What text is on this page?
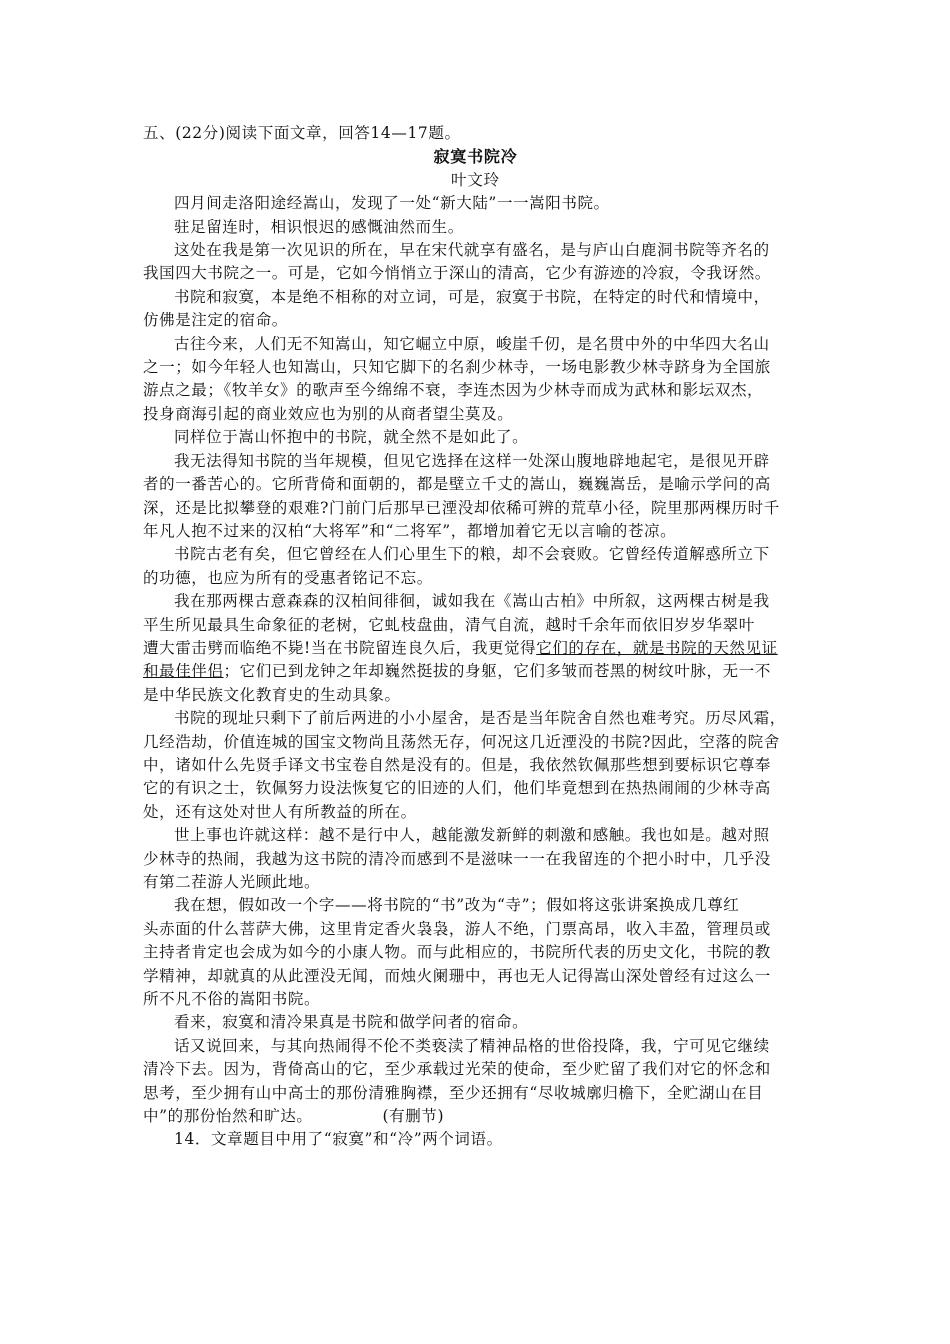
五、(22分)阅读下面文章，回答14—17题。
寂寞书院冷
叶文玲
四月间走洛阳途经嵩山，发现了一处“新大陆”一一嵩阳书院。
驻足留连时，相识恨迟的感慨油然而生。
这处在我是第一次见识的所在，早在宋代就享有盛名，是与庐山白鹿洞书院等齐名的
我国四大书院之一。可是，它如今悄悄立于深山的清高，它少有游迹的冷寂，令我讶然。
书院和寂寞，本是绝不相称的对立词，可是，寂寞于书院，在特定的时代和情境中，
仿佛是注定的宿命。
古往今来，人们无不知嵩山，知它崛立中原，峻崖千仞，是名贯中外的中华四大名山
之一；如今年轻人也知嵩山，只知它脚下的名刹少林寺，一场电影教少林寺跻身为全国旅
游点之最；《牧羊女》的歌声至今绵绵不衰，李连杰因为少林寺而成为武林和影坛双杰，
投身商海引起的商业效应也为别的从商者望尘莫及。
同样位于嵩山怀抱中的书院，就全然不是如此了。
我无法得知书院的当年规模，但见它选择在这样一处深山腹地辟地起宅，是很见开辟
者的一番苦心的。它所背倚和面朝的，都是壁立千丈的嵩山，巍巍嵩岳，是喻示学问的高
深，还是比拟攀登的艰难?门前门后那早已湮没却依稀可辨的荒草小径，院里那两棵历时千
年凡人抱不过来的汉柏“大将军”和“二将军”，都增加着它无以言喻的苍凉。
书院古老有矣，但它曾经在人们心里生下的粮，却不会衰败。它曾经传道解惑所立下
的功德，也应为所有的受惠者铭记不忘。
我在那两棵古意森森的汉柏间徘徊，诚如我在《嵩山古柏》中所叙，这两棵古树是我
平生所见最具生命象征的老树，它虬枝盘曲，清气自流，越时千余年而依旧岁岁华翠叶
遭大雷击劈而临绝不毙!当在书院留连良久后，我更觉得它们的存在，就是书院的天然见证
和最佳伴侣；它们已到龙钟之年却巍然挺拔的身躯，它们多皱而苍黑的树纹叶脉，无一不
是中华民族文化教育史的生动具象。
书院的现址只剩下了前后两进的小小屋舍，是否是当年院舍自然也难考究。历尽风霜，
几经浩劫，价值连城的国宝文物尚且荡然无存，何况这几近湮没的书院?因此，空落的院舍
中，诸如什么先贤手译文书宝卷自然是没有的。但是，我依然钦佩那些想到要标识它尊奉
它的有识之士，钦佩努力设法恢复它的旧迹的人们，他们毕竟想到在热热闹闹的少林寺高
处，还有这处对世人有所教益的所在。
世上事也许就这样：越不是行中人，越能激发新鲜的刺激和感触。我也如是。越对照
少林寺的热闹，我越为这书院的清冷而感到不是滋味一一在我留连的个把小时中，几乎没
有第二茬游人光顾此地。
我在想，假如改一个字——将书院的“书”改为“寺”；假如将这张讲案换成几尊红
头赤面的什么菩萨大佛，这里肯定香火袅袅，游人不绝，门票高昂，收入丰盈，管理员或
主持者肯定也会成为如今的小康人物。而与此相应的，书院所代表的历史文化，书院的教
学精神，却就真的从此湮没无闻，而烛火阑珊中，再也无人记得嵩山深处曾经有过这么一
所不凡不俗的嵩阳书院。
看来，寂寞和清冷果真是书院和做学问者的宿命。
话又说回来，与其向热闹得不伦不类亵渎了精神品格的世俗投降，我，宁可见它继续
清冷下去。因为，背倚高山的它，至少承载过光荣的使命，至少贮留了我们对它的怀念和
思考，至少拥有山中高士的那份清雅胸襟，至少还拥有“尽收城廓归檐下，全贮湖山在目
中”的那份怡然和旷达。	(有删节)
14．文章题目中用了“寂寞”和“冷”两个词语。
